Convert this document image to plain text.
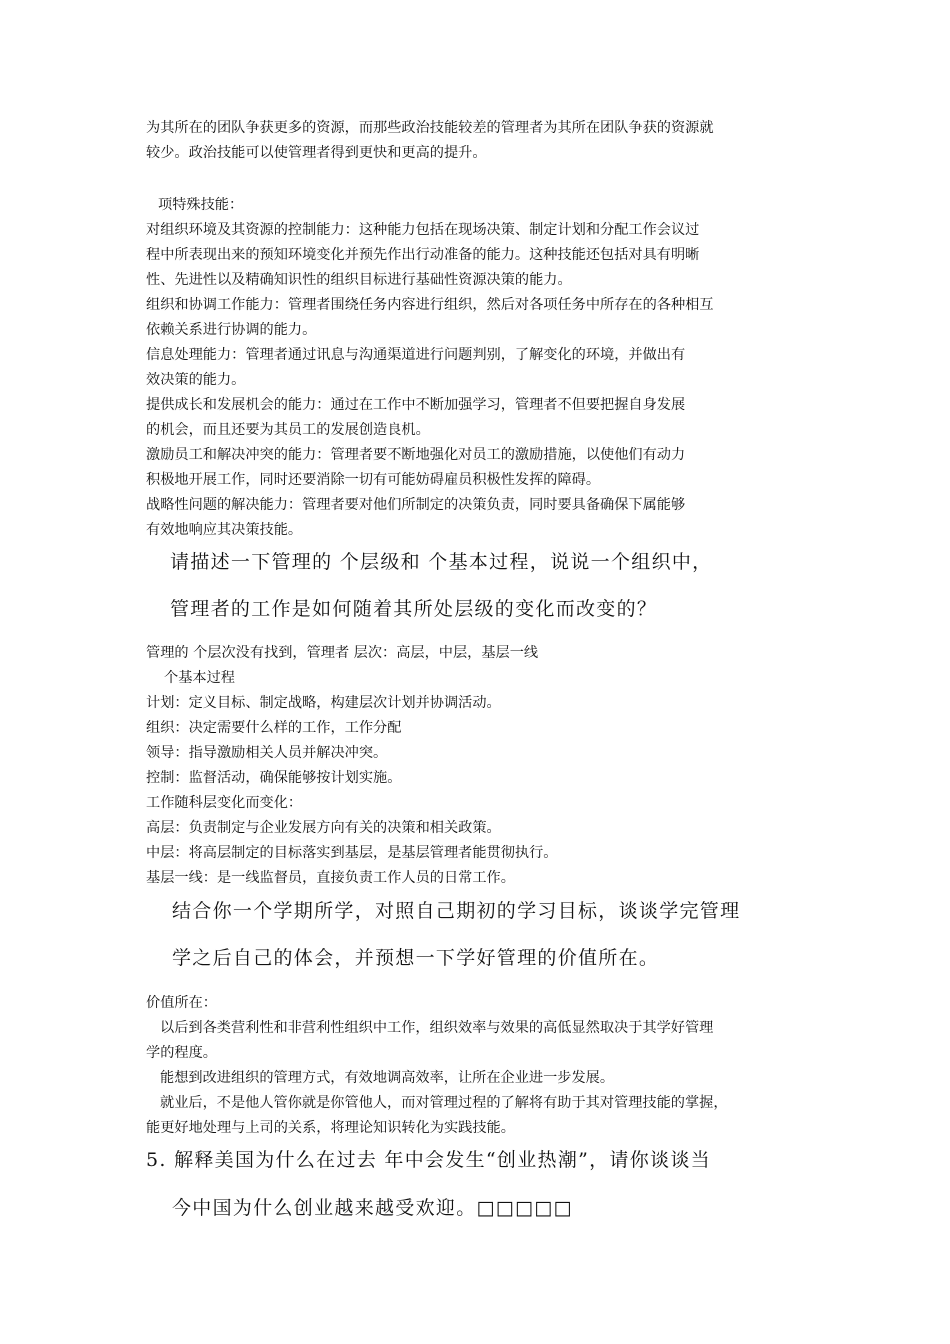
为其所在的团队争获更多的资源，而那些政治技能较差的管理者为其所在团队争获的资源就
较少。政治技能可以使管理者得到更快和更高的提升。
项特殊技能：
对组织环境及其资源的控制能力：这种能力包括在现场决策、制定计划和分配工作会议过
程中所表现出来的预知环境变化并预先作出行动准备的能力。这种技能还包括对具有明晰
性、先进性以及精确知识性的组织目标进行基础性资源决策的能力。
组织和协调工作能力：管理者围绕任务内容进行组织，然后对各项任务中所存在的各种相互
依赖关系进行协调的能力。
信息处理能力：管理者通过讯息与沟通渠道进行问题判别，了解变化的环境，并做出有
效决策的能力。
提供成长和发展机会的能力：通过在工作中不断加强学习，管理者不但要把握自身发展
的机会，而且还要为其员工的发展创造良机。
激励员工和解决冲突的能力：管理者要不断地强化对员工的激励措施，以使他们有动力
积极地开展工作，同时还要消除一切有可能妨碍雇员积极性发挥的障碍。
战略性问题的解决能力：管理者要对他们所制定的决策负责，同时要具备确保下属能够
有效地响应其决策技能。
请描述一下管理的 个层级和 个基本过程，说说一个组织中，
管理者的工作是如何随着其所处层级的变化而改变的？
管理的 个层次没有找到，管理者 层次：高层，中层，基层一线
个基本过程
计划：定义目标、制定战略，构建层次计划并协调活动。
组织：决定需要什么样的工作，工作分配
领导：指导激励相关人员并解决冲突。
控制：监督活动，确保能够按计划实施。
工作随科层变化而变化：
高层：负责制定与企业发展方向有关的决策和相关政策。
中层：将高层制定的目标落实到基层，是基层管理者能贯彻执行。
基层一线：是一线监督员，直接负责工作人员的日常工作。
结合你一个学期所学，对照自己期初的学习目标，谈谈学完管理
学之后自己的体会，并预想一下学好管理的价值所在。
价值所在：
以后到各类营利性和非营利性组织中工作，组织效率与效果的高低显然取决于其学好管理
学的程度。
能想到改进组织的管理方式，有效地调高效率，让所在企业进一步发展。
就业后，不是他人管你就是你管他人，而对管理过程的了解将有助于其对管理技能的掌握，
能更好地处理与上司的关系，将理论知识转化为实践技能。
5. 解释美国为什么在过去 年中会发生“创业热潮”，请你谈谈当
今中国为什么创业越来越受欢迎。□□□□□
